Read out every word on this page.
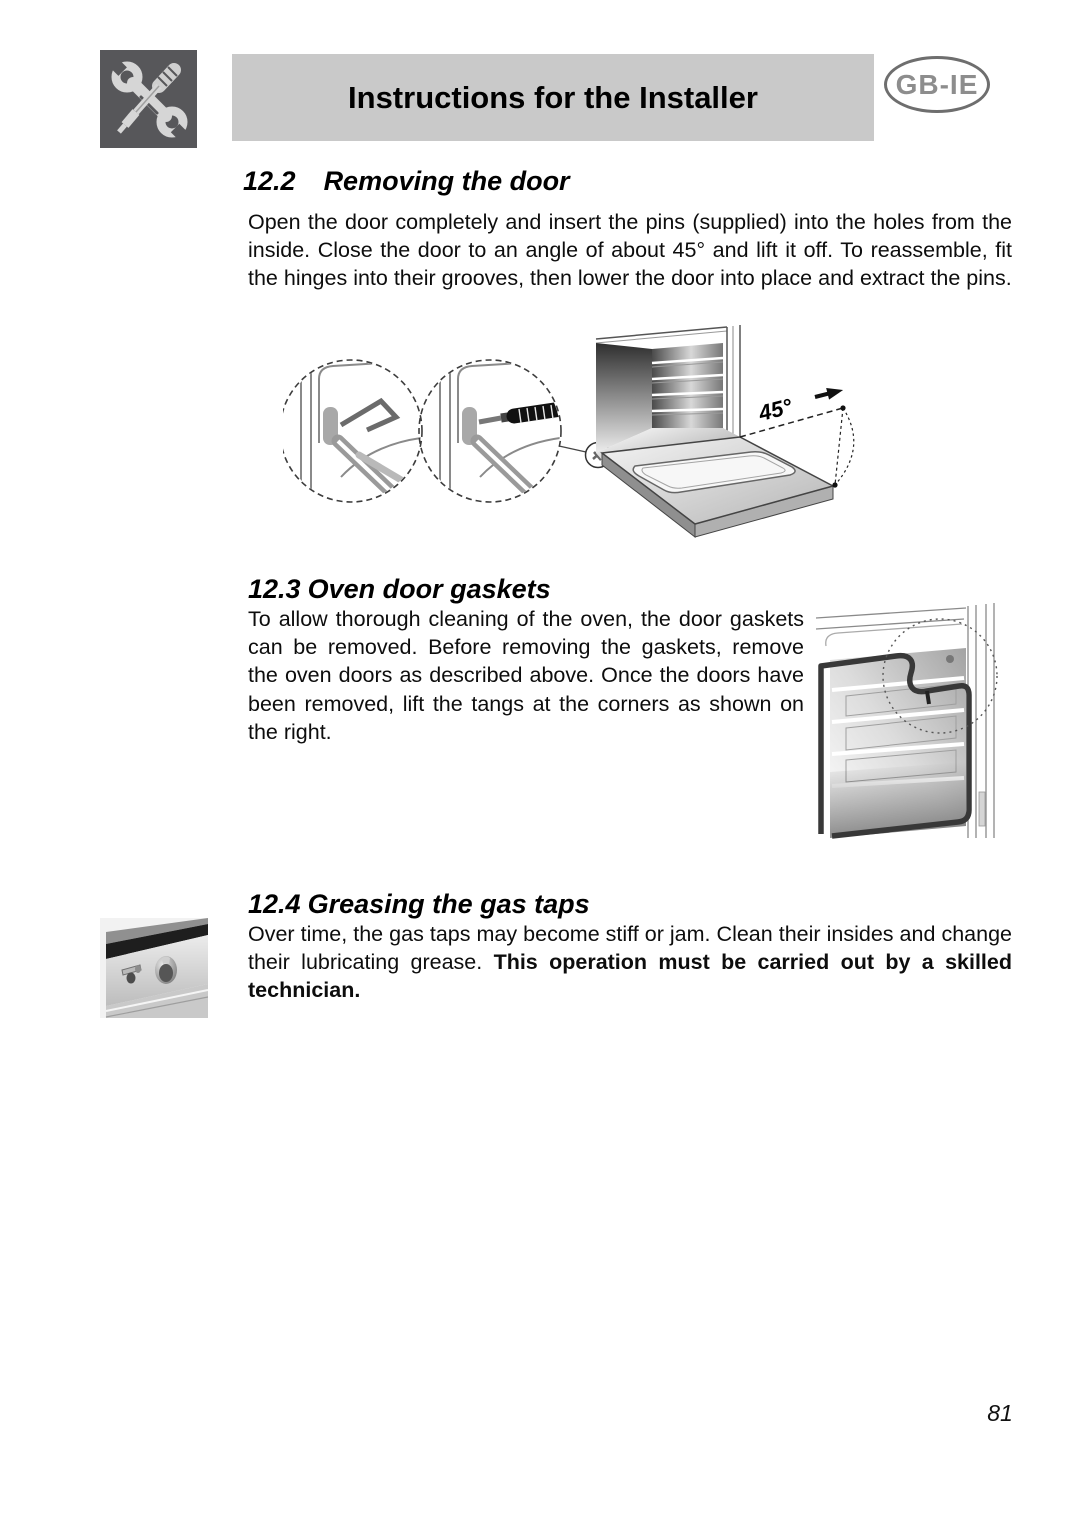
Instructions for the Installer	GB-IE
12.2 Removing the door

Open the door completely and insert the pins (supplied) into the holes from the inside. Close the door to an angle of about 45° and lift it off. To reassemble, fit the hinges into their grooves, then lower the door into place and extract the pins.

45°
12.3 Oven door gaskets

To allow thorough cleaning of the oven, the door gaskets can be removed. Before removing the gaskets, remove the oven doors as described above. Once the doors have been removed, lift the tangs at the corners as shown on the right.

12.4 Greasing the gas taps

Over time, the gas taps may become stiff or jam. Clean their insides and change their lubricating grease. This operation must be carried out by a skilled technician.

81
